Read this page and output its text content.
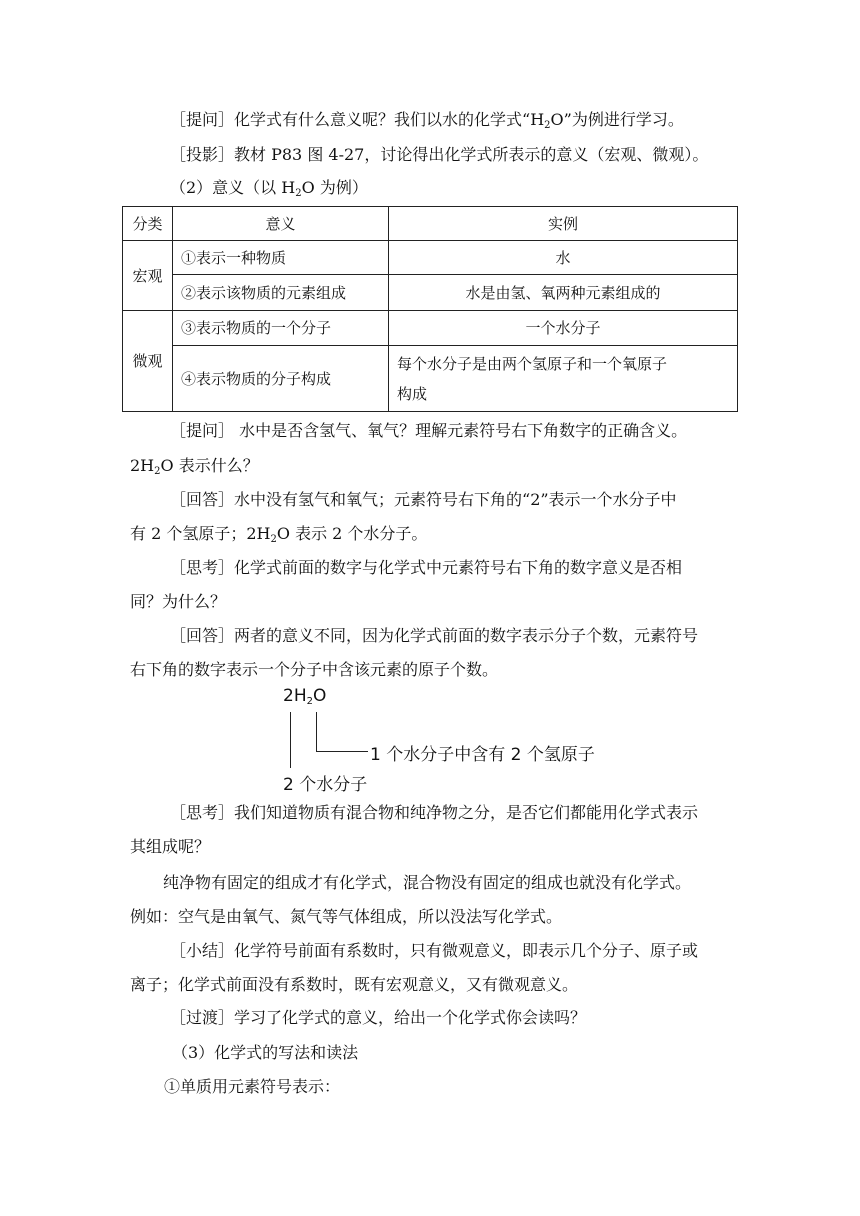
［提问］化学式有什么意义呢？我们以水的化学式“$H_2O$”为例进行学习。
［投影］教材 P83 图 4-27，讨论得出化学式所表示的意义（宏观、微观）。
（2）意义（以 $H_2O$ 为例）
分类	意义	实例
宏观	①表示一种物质	水
	②表示该物质的元素组成	水是由氢、氧两种元素组成的
微观	③表示物质的一个分子	一个水分子
	④表示物质的分子构成	每个水分子是由两个氢原子和一个氧原子
构成
［提问］ 水中是否含氢气、氧气？理解元素符号右下角数字的正确含义。
$2H_2O$ 表示什么？
［回答］水中没有氢气和氧气；元素符号右下角的“2”表示一个水分子中
有 2 个氢原子；$2H_2O$ 表示 2 个水分子。
［思考］化学式前面的数字与化学式中元素符号右下角的数字意义是否相
同？为什么？
［回答］两者的意义不同，因为化学式前面的数字表示分子个数，元素符号
右下角的数字表示一个分子中含该元素的原子个数。
$2H_2O$
1 个水分子中含有 2 个氢原子
2 个水分子
［思考］我们知道物质有混合物和纯净物之分，是否它们都能用化学式表示
其组成呢？
纯净物有固定的组成才有化学式，混合物没有固定的组成也就没有化学式。
例如：空气是由氧气、氮气等气体组成，所以没法写化学式。
［小结］化学符号前面有系数时，只有微观意义，即表示几个分子、原子或
离子；化学式前面没有系数时，既有宏观意义，又有微观意义。
［过渡］学习了化学式的意义，给出一个化学式你会读吗？
（3）化学式的写法和读法
①单质用元素符号表示：
